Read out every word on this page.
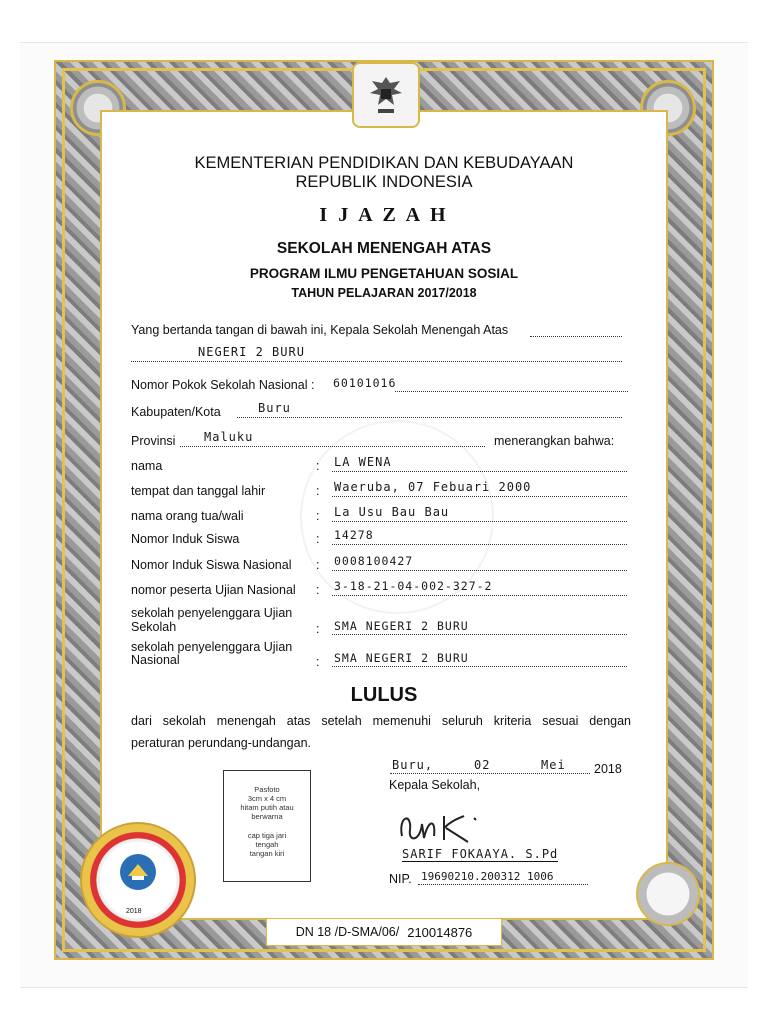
KEMENTERIAN PENDIDIKAN DAN KEBUDAYAAN
REPUBLIK INDONESIA
I J A Z A H
SEKOLAH MENENGAH ATAS
PROGRAM ILMU PENGETAHUAN SOSIAL
TAHUN PELAJARAN 2017/2018
Yang bertanda tangan di bawah ini, Kepala Sekolah Menengah Atas
NEGERI 2 BURU
Nomor Pokok Sekolah Nasional : 60101016
Kabupaten/Kota	Buru
Provinsi Maluku	menerangkan bahwa:
nama	: LA WENA
tempat dan tanggal lahir	: Waeruba, 07 Febuari 2000
nama orang tua/wali	: La Usu Bau Bau
Nomor Induk Siswa	: 14278
Nomor Induk Siswa Nasional : 0008100427
nomor peserta Ujian Nasional : 3-18-21-04-002-327-2
sekolah penyelenggara Ujian
Sekolah	: SMA NEGERI 2 BURU
sekolah penyelenggara Ujian
Nasional	: SMA NEGERI 2 BURU
LULUS
dari sekolah menengah atas setelah memenuhi seluruh kriteria sesuai dengan
peraturan perundang-undangan.
Pasfoto
3cm x 4 cm
hitam putih atau
berwarna
cap tiga jari
tengah
tangan kiri
Buru,	02	Mei 2018
Kepala Sekolah,
SARIF FOKAAYA. S.Pd
NIP. 19690210.200312 1006
2018
DN 18 /D-SMA/06/ 210014876
